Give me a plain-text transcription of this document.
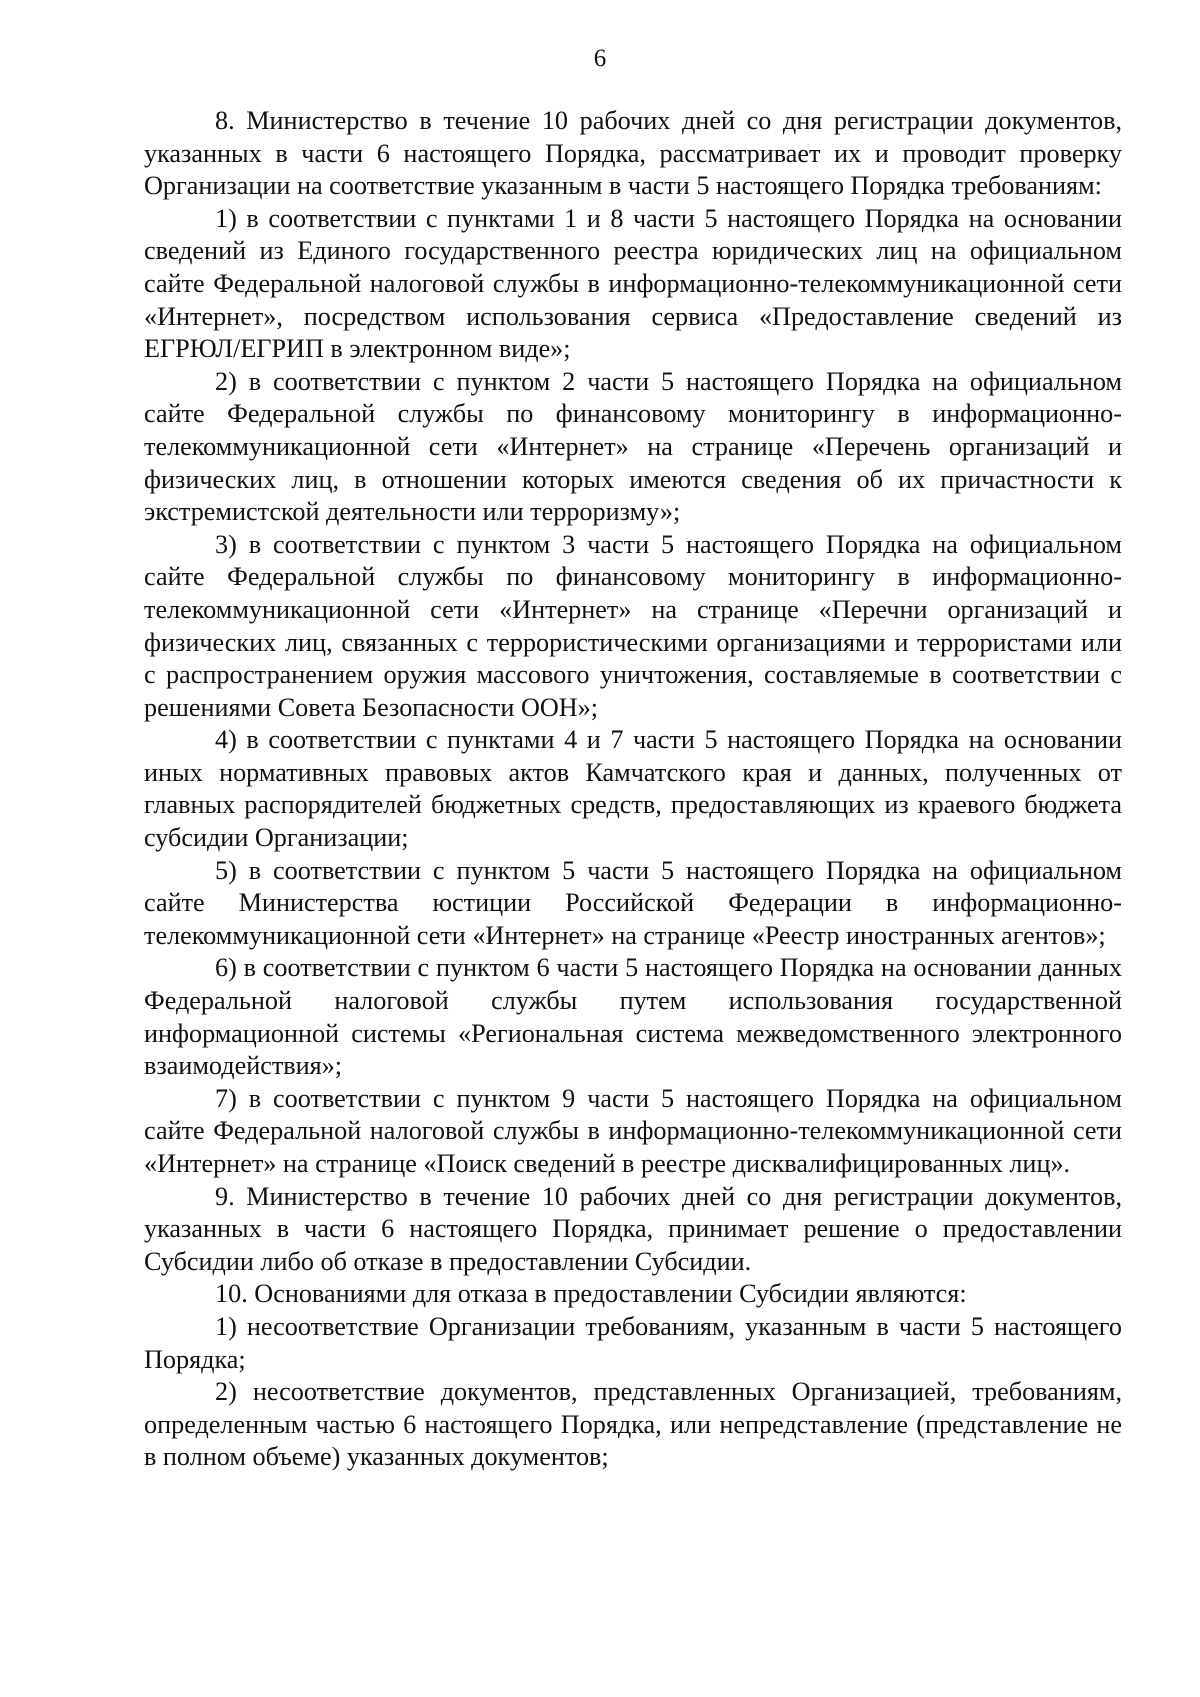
6

8. Министерство в течение 10 рабочих дней со дня регистрации документов, указанных в части 6 настоящего Порядка, рассматривает их и проводит проверку Организации на соответствие указанным в части 5 настоящего Порядка требованиям:

1) в соответствии с пунктами 1 и 8 части 5 настоящего Порядка на основании сведений из Единого государственного реестра юридических лиц на официальном сайте Федеральной налоговой службы в информационно-телекоммуникационной сети «Интернет», посредством использования сервиса «Предоставление сведений из ЕГРЮЛ/ЕГРИП в электронном виде»;

2) в соответствии с пунктом 2 части 5 настоящего Порядка на официальном сайте Федеральной службы по финансовому мониторингу в информационно-телекоммуникационной сети «Интернет» на странице «Перечень организаций и физических лиц, в отношении которых имеются сведения об их причастности к экстремистской деятельности или терроризму»;

3) в соответствии с пунктом 3 части 5 настоящего Порядка на официальном сайте Федеральной службы по финансовому мониторингу в информационно-телекоммуникационной сети «Интернет» на странице «Перечни организаций и физических лиц, связанных с террористическими организациями и террористами или с распространением оружия массового уничтожения, составляемые в соответствии с решениями Совета Безопасности ООН»;

4) в соответствии с пунктами 4 и 7 части 5 настоящего Порядка на основании иных нормативных правовых актов Камчатского края и данных, полученных от главных распорядителей бюджетных средств, предоставляющих из краевого бюджета субсидии Организации;

5) в соответствии с пунктом 5 части 5 настоящего Порядка на официальном сайте Министерства юстиции Российской Федерации в информационно-телекоммуникационной сети «Интернет» на странице «Реестр иностранных агентов»;

6) в соответствии с пунктом 6 части 5 настоящего Порядка на основании данных Федеральной налоговой службы путем использования государственной информационной системы «Региональная система межведомственного электронного взаимодействия»;

7) в соответствии с пунктом 9 части 5 настоящего Порядка на официальном сайте Федеральной налоговой службы в информационно-телекоммуникационной сети «Интернет» на странице «Поиск сведений в реестре дисквалифицированных лиц».

9. Министерство в течение 10 рабочих дней со дня регистрации документов, указанных в части 6 настоящего Порядка, принимает решение о предоставлении Субсидии либо об отказе в предоставлении Субсидии.

10. Основаниями для отказа в предоставлении Субсидии являются:

1) несоответствие Организации требованиям, указанным в части 5 настоящего Порядка;

2) несоответствие документов, представленных Организацией, требованиям, определенным частью 6 настоящего Порядка, или непредставление (представление не в полном объеме) указанных документов;
